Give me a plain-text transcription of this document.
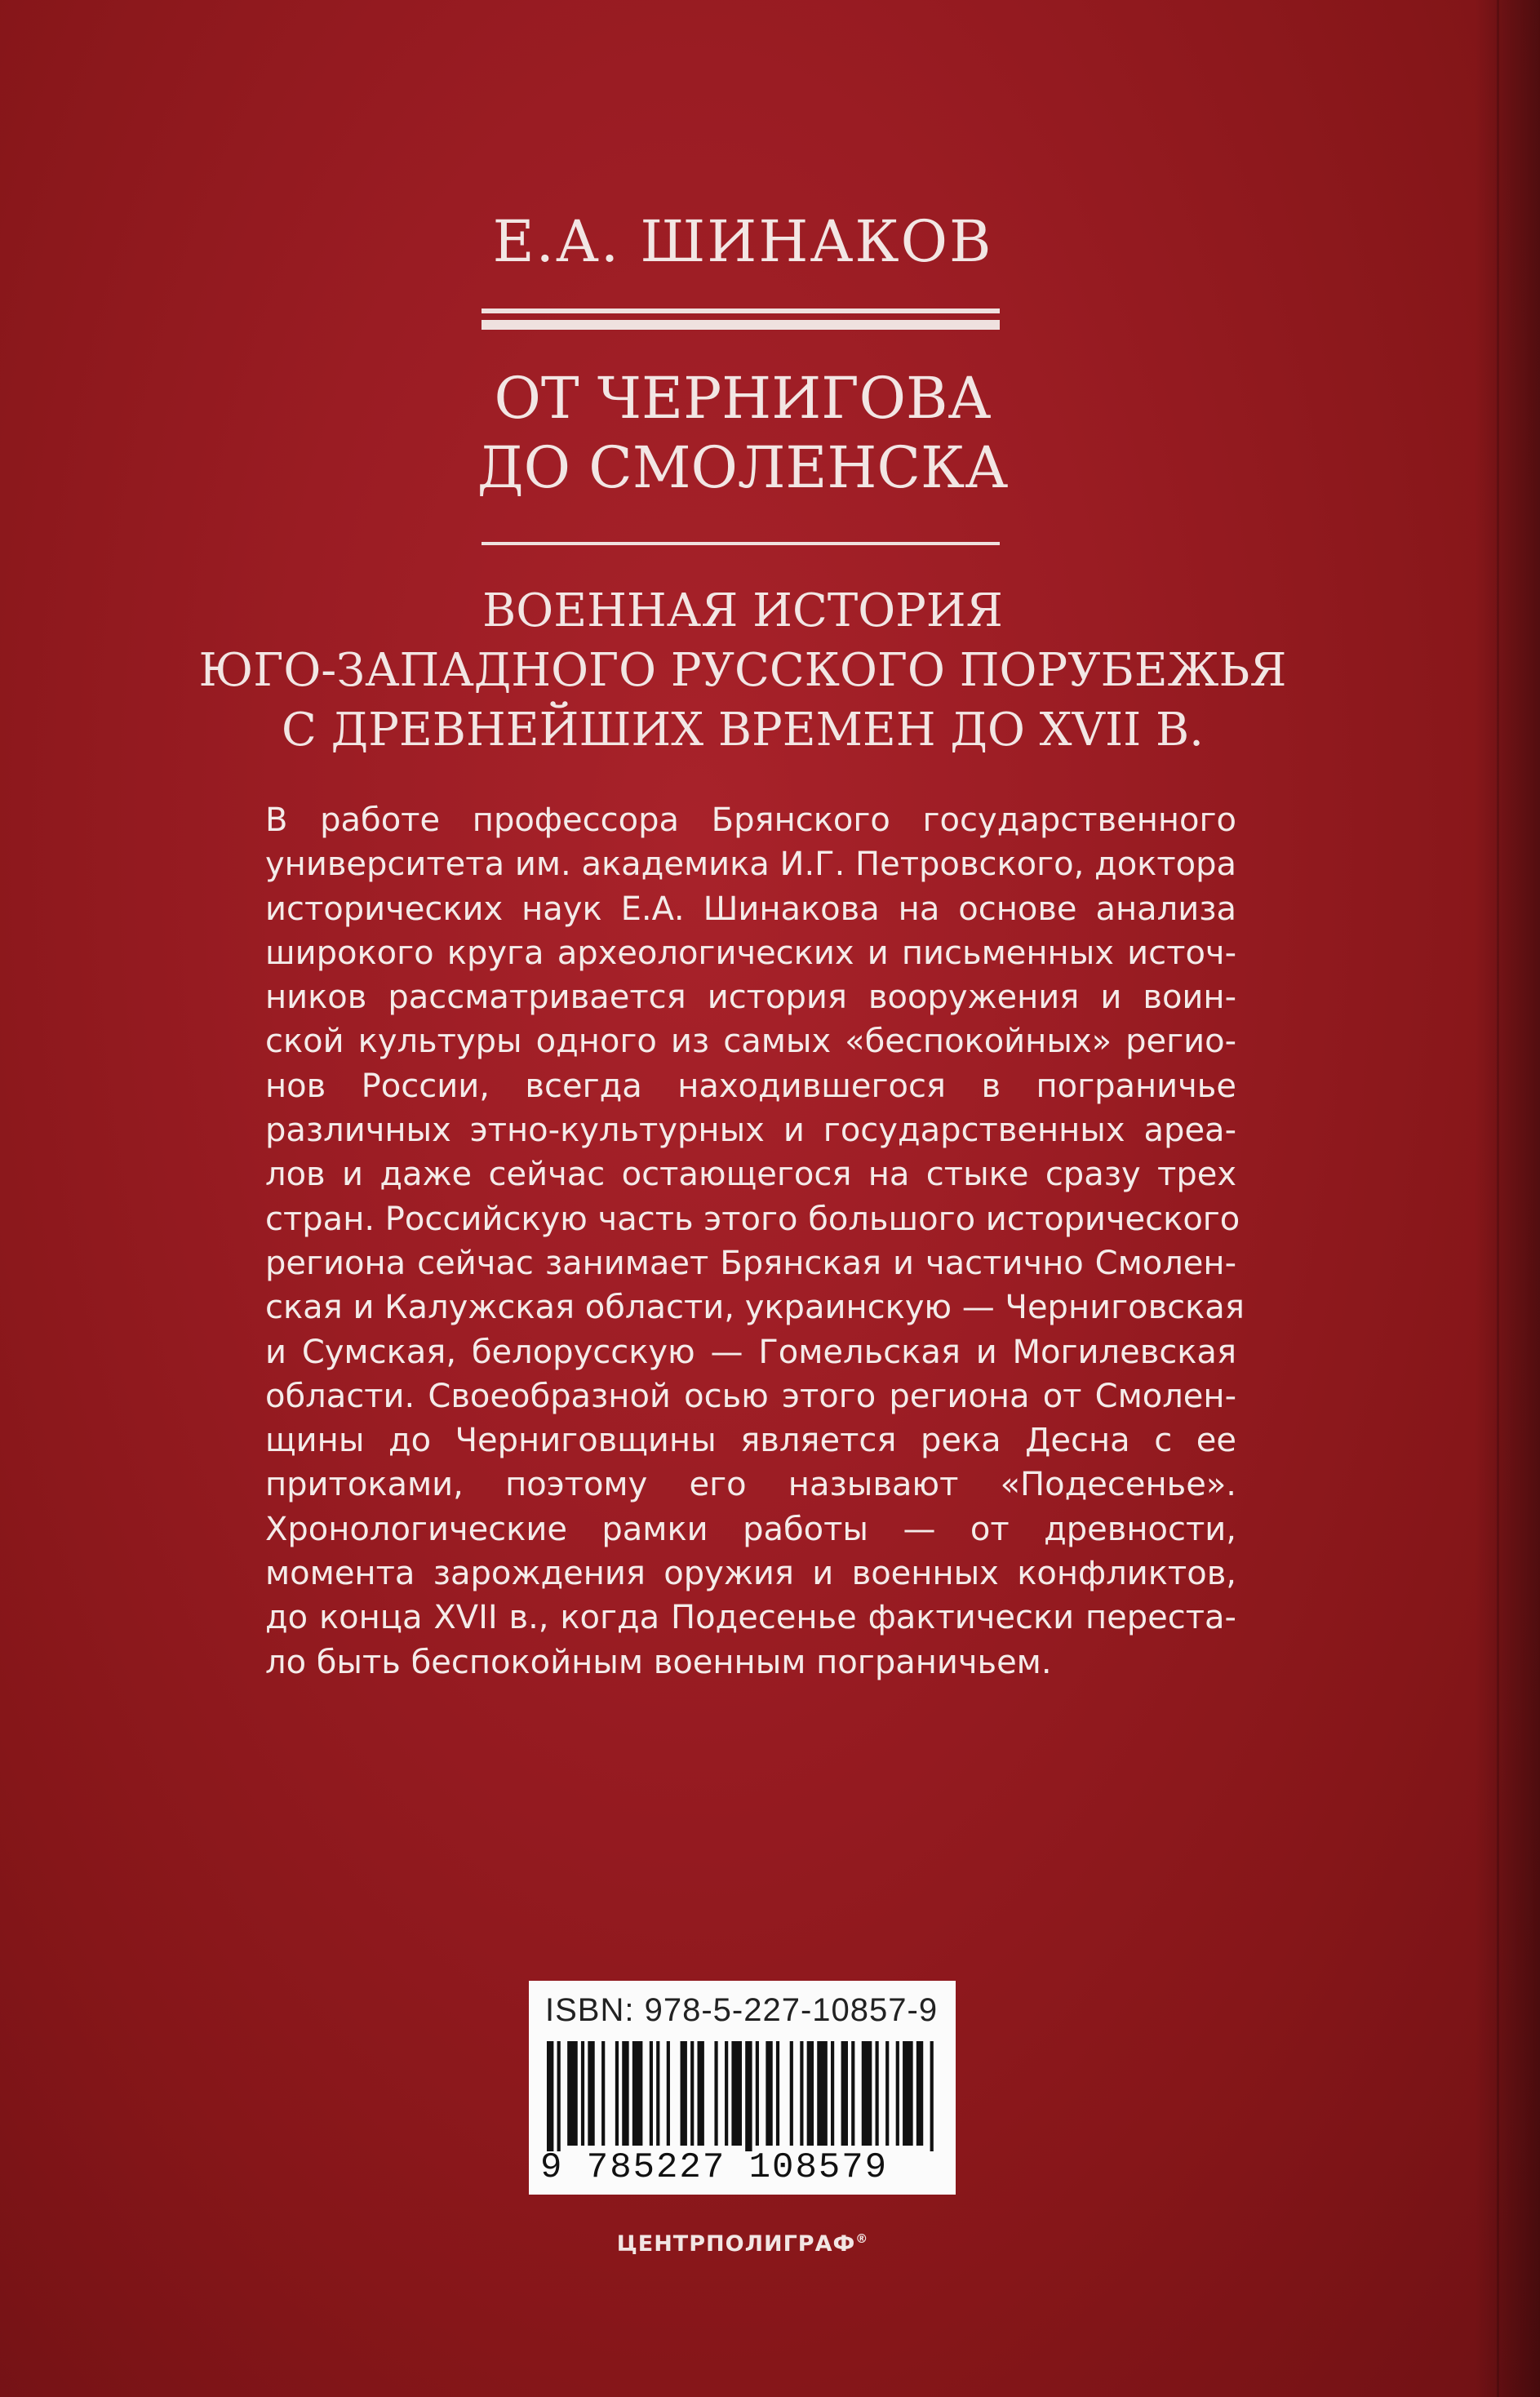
Е.А. ШИНАКОВ
ОТ ЧЕРНИГОВА
ДО СМОЛЕНСКА
ВОЕННАЯ ИСТОРИЯ
ЮГО-ЗАПАДНОГО РУССКОГО ПОРУБЕЖЬЯ
С ДРЕВНЕЙШИХ ВРЕМЕН ДО XVII В.
В работе профессора Брянского государственного
университета им. академика И.Г. Петровского, доктора
исторических наук Е.А. Шинакова на основе анализа
широкого круга археологических и письменных источ-
ников рассматривается история вооружения и воин-
ской культуры одного из самых «беспокойных» регио-
нов России, всегда находившегося в пограничье
различных этно-культурных и государственных ареа-
лов и даже сейчас остающегося на стыке сразу трех
стран. Российскую часть этого большого исторического
региона сейчас занимает Брянская и частично Смолен-
ская и Калужская области, украинскую — Черниговская
и Сумская, белорусскую — Гомельская и Могилевская
области. Своеобразной осью этого региона от Смолен-
щины до Черниговщины является река Десна с ее
притоками, поэтому его называют «Подесенье».
Хронологические рамки работы — от древности,
момента зарождения оружия и военных конфликтов,
до конца XVII в., когда Подесенье фактически переста-
ло быть беспокойным военным пограничьем.
ISBN: 978-5-227-10857-9
9 785227 108579
ЦЕНТРПОЛИГРАФ®
